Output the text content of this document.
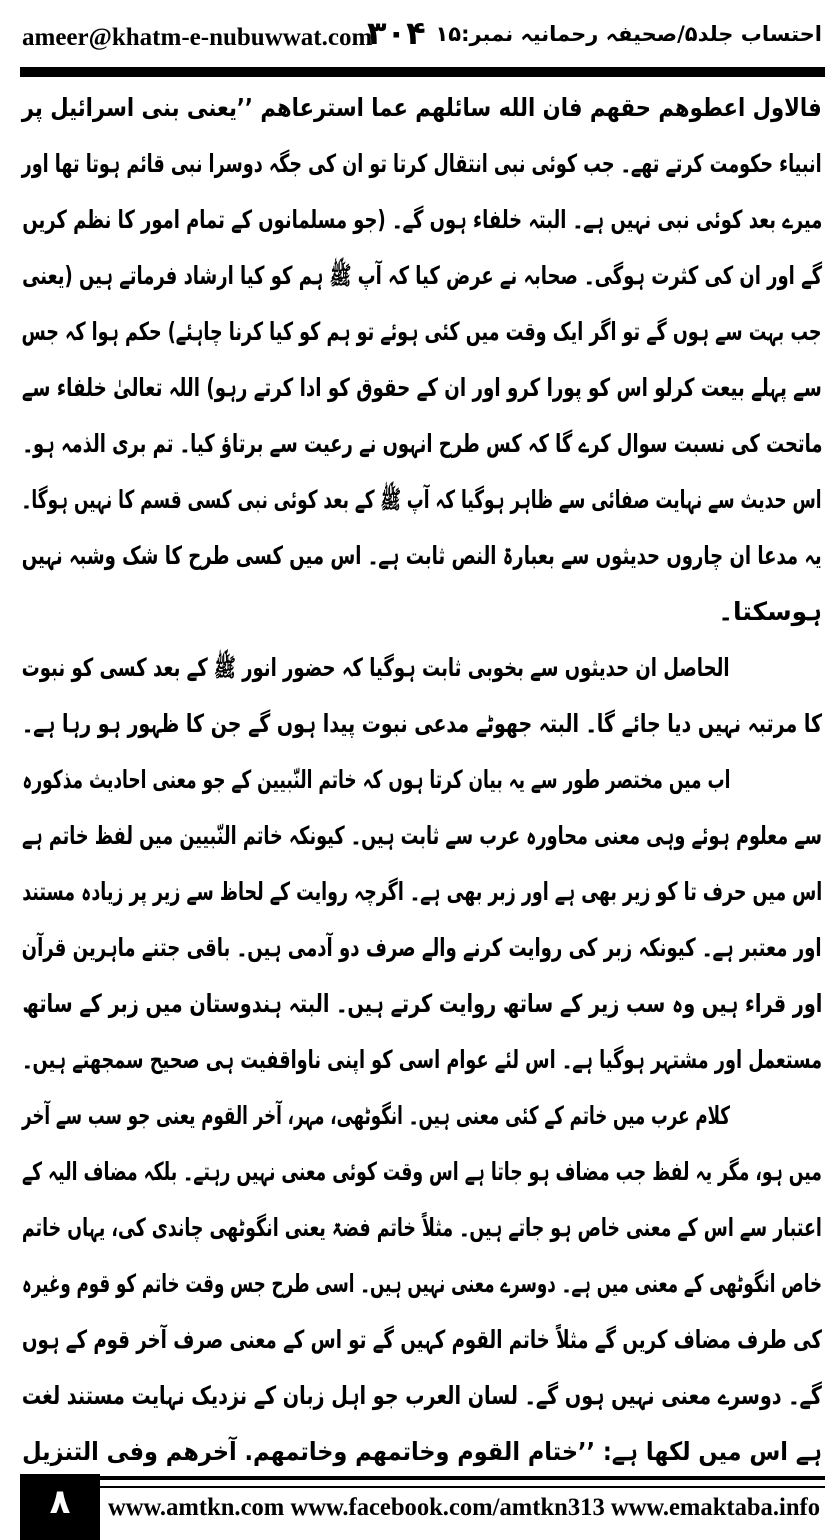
ameer@khatm-e-nubuwwat.com
۳۰۴ احتساب جلد۵/صحیفہ رحمانیہ نمبر:۱۵
فالاول اعطوهم حقهم فان الله سائلهم عما استرعاهم ’’یعنی بنی اسرائیل پر
انبیاء حکومت کرتے تھے۔ جب کوئی نبی انتقال کرتا تو ان کی جگہ دوسرا نبی قائم ہوتا تھا اور
میرے بعد کوئی نبی نہیں ہے۔ البتہ خلفاء ہوں گے۔ (جو مسلمانوں کے تمام امور کا نظم کریں
گے اور ان کی کثرت ہوگی۔ صحابہ نے عرض کیا کہ آپ ﷺ ہم کو کیا ارشاد فرماتے ہیں (یعنی
جب بہت سے ہوں گے تو اگر ایک وقت میں کئی ہوئے تو ہم کو کیا کرنا چاہئے) حکم ہوا کہ جس
سے پہلے بیعت کرلو اس کو پورا کرو اور ان کے حقوق کو ادا کرتے رہو) اللہ تعالیٰ خلفاء سے
ماتحت کی نسبت سوال کرے گا کہ کس طرح انہوں نے رعیت سے برتاؤ کیا۔ تم بری الذمہ ہو۔
اس حدیث سے نہایت صفائی سے ظاہر ہوگیا کہ آپ ﷺ کے بعد کوئی نبی کسی قسم کا نہیں ہوگا۔
یہ مدعا ان چاروں حدیثوں سے بعبارۃ النص ثابت ہے۔ اس میں کسی طرح کا شک وشبہ نہیں
ہوسکتا۔
الحاصل ان حدیثوں سے بخوبی ثابت ہوگیا کہ حضور انور ﷺ کے بعد کسی کو نبوت
کا مرتبہ نہیں دیا جائے گا۔ البتہ جھوٹے مدعی نبوت پیدا ہوں گے جن کا ظہور ہو رہا ہے۔
اب میں مختصر طور سے یہ بیان کرتا ہوں کہ خاتم النّبیین کے جو معنی احادیث مذکورہ
سے معلوم ہوئے وہی معنی محاورہ عرب سے ثابت ہیں۔ کیونکہ خاتم النّبیین میں لفظ خاتم ہے
اس میں حرف تا کو زیر بھی ہے اور زبر بھی ہے۔ اگرچہ روایت کے لحاظ سے زیر پر زیادہ مستند
اور معتبر ہے۔ کیونکہ زبر کی روایت کرنے والے صرف دو آدمی ہیں۔ باقی جتنے ماہرین قرآن
اور قراء ہیں وہ سب زیر کے ساتھ روایت کرتے ہیں۔ البتہ ہندوستان میں زبر کے ساتھ
مستعمل اور مشتہر ہوگیا ہے۔ اس لئے عوام اسی کو اپنی ناواقفیت ہی صحیح سمجھتے ہیں۔
کلام عرب میں خاتم کے کئی معنی ہیں۔ انگوٹھی، مہر، آخر القوم یعنی جو سب سے آخر
میں ہو، مگر یہ لفظ جب مضاف ہو جاتا ہے اس وقت کوئی معنی نہیں رہتے۔ بلکہ مضاف الیہ کے
اعتبار سے اس کے معنی خاص ہو جاتے ہیں۔ مثلاً خاتم فضۃ یعنی انگوٹھی چاندی کی، یہاں خاتم
خاص انگوٹھی کے معنی میں ہے۔ دوسرے معنی نہیں ہیں۔ اسی طرح جس وقت خاتم کو قوم وغیرہ
کی طرف مضاف کریں گے مثلاً خاتم القوم کہیں گے تو اس کے معنی صرف آخر قوم کے ہوں
گے۔ دوسرے معنی نہیں ہوں گے۔ لسان العرب جو اہل زبان کے نزدیک نہایت مستند لغت
ہے اس میں لکھا ہے: ’’ختام القوم وخاتمهم وخاتمهم. آخرهم وفی التنزیل
٨	www.amtkn.com www.facebook.com/amtkn313 www.emaktaba.info
